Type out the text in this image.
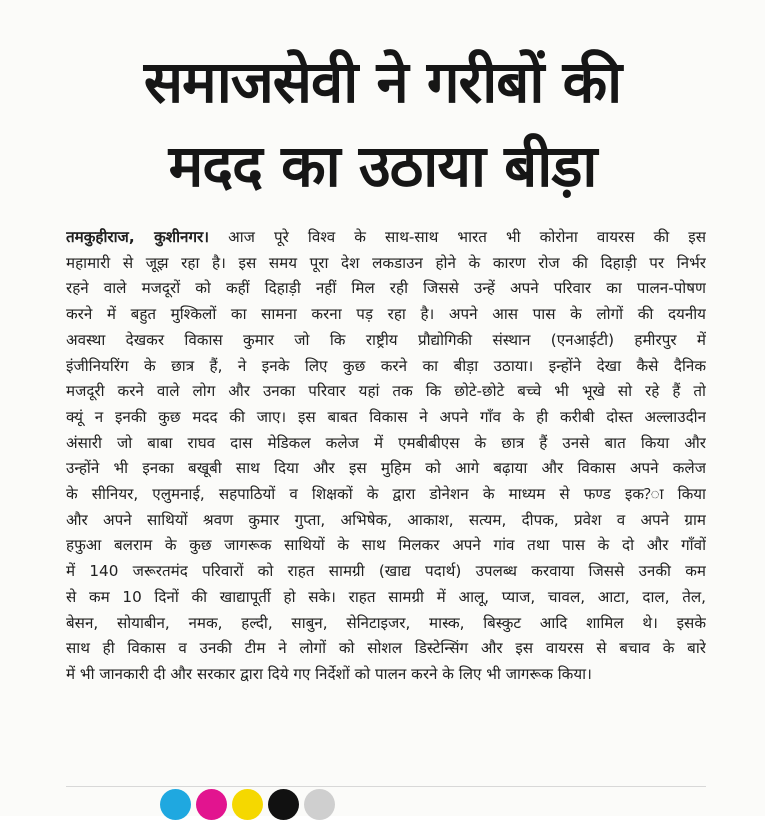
समाजसेवी ने गरीबों की
मदद का उठाया बीड़ा
तमकुहीराज, कुशीनगर। आज पूरे विश्व के साथ-साथ भारत भी कोरोना वायरस की इस
महामारी से जूझ रहा है। इस समय पूरा देश लकडाउन होने के कारण रोज की दिहाड़ी पर निर्भर
रहने वाले मजदूरों को कहीं दिहाड़ी नहीं मिल रही जिससे उन्हें अपने परिवार का पालन-पोषण
करने में बहुत मुश्किलों का सामना करना पड़ रहा है। अपने आस पास के लोगों की दयनीय
अवस्था देखकर विकास कुमार जो कि राष्ट्रीय प्रौद्योगिकी संस्थान (एनआईटी) हमीरपुर में
इंजीनियरिंग के छात्र हैं, ने इनके लिए कुछ करने का बीड़ा उठाया। इन्होंने देखा कैसे दैनिक
मजदूरी करने वाले लोग और उनका परिवार यहां तक कि छोटे-छोटे बच्चे भी भूखे सो रहे हैं तो
क्यूं न इनकी कुछ मदद की जाए। इस बाबत विकास ने अपने गाँव के ही करीबी दोस्त अल्लाउदीन
अंसारी जो बाबा राघव दास मेडिकल कलेज में एमबीबीएस के छात्र हैं उनसे बात किया और
उन्होंने भी इनका बखूबी साथ दिया और इस मुहिम को आगे बढ़ाया और विकास अपने कलेज
के सीनियर, एलुमनाई, सहपाठियों व शिक्षकों के द्वारा डोनेशन के माध्यम से फण्ड इक?ा किया
और अपने साथियों श्रवण कुमार गुप्ता, अभिषेक, आकाश, सत्यम, दीपक, प्रवेश व अपने ग्राम
हफुआ बलराम के कुछ जागरूक साथियों के साथ मिलकर अपने गांव तथा पास के दो और गाँवों
में 140 जरूरतमंद परिवारों को राहत सामग्री (खाद्य पदार्थ) उपलब्ध करवाया जिससे उनकी कम
से कम 10 दिनों की खाद्यापूर्ती हो सके। राहत सामग्री में आलू, प्याज, चावल, आटा, दाल, तेल,
बेसन, सोयाबीन, नमक, हल्दी, साबुन, सेनिटाइजर, मास्क, बिस्कुट आदि शामिल थे। इसके
साथ ही विकास व उनकी टीम ने लोगों को सोशल डिस्टेन्सिंग और इस वायरस से बचाव के बारे
में भी जानकारी दी और सरकार द्वारा दिये गए निर्देशों को पालन करने के लिए भी जागरूक किया।
